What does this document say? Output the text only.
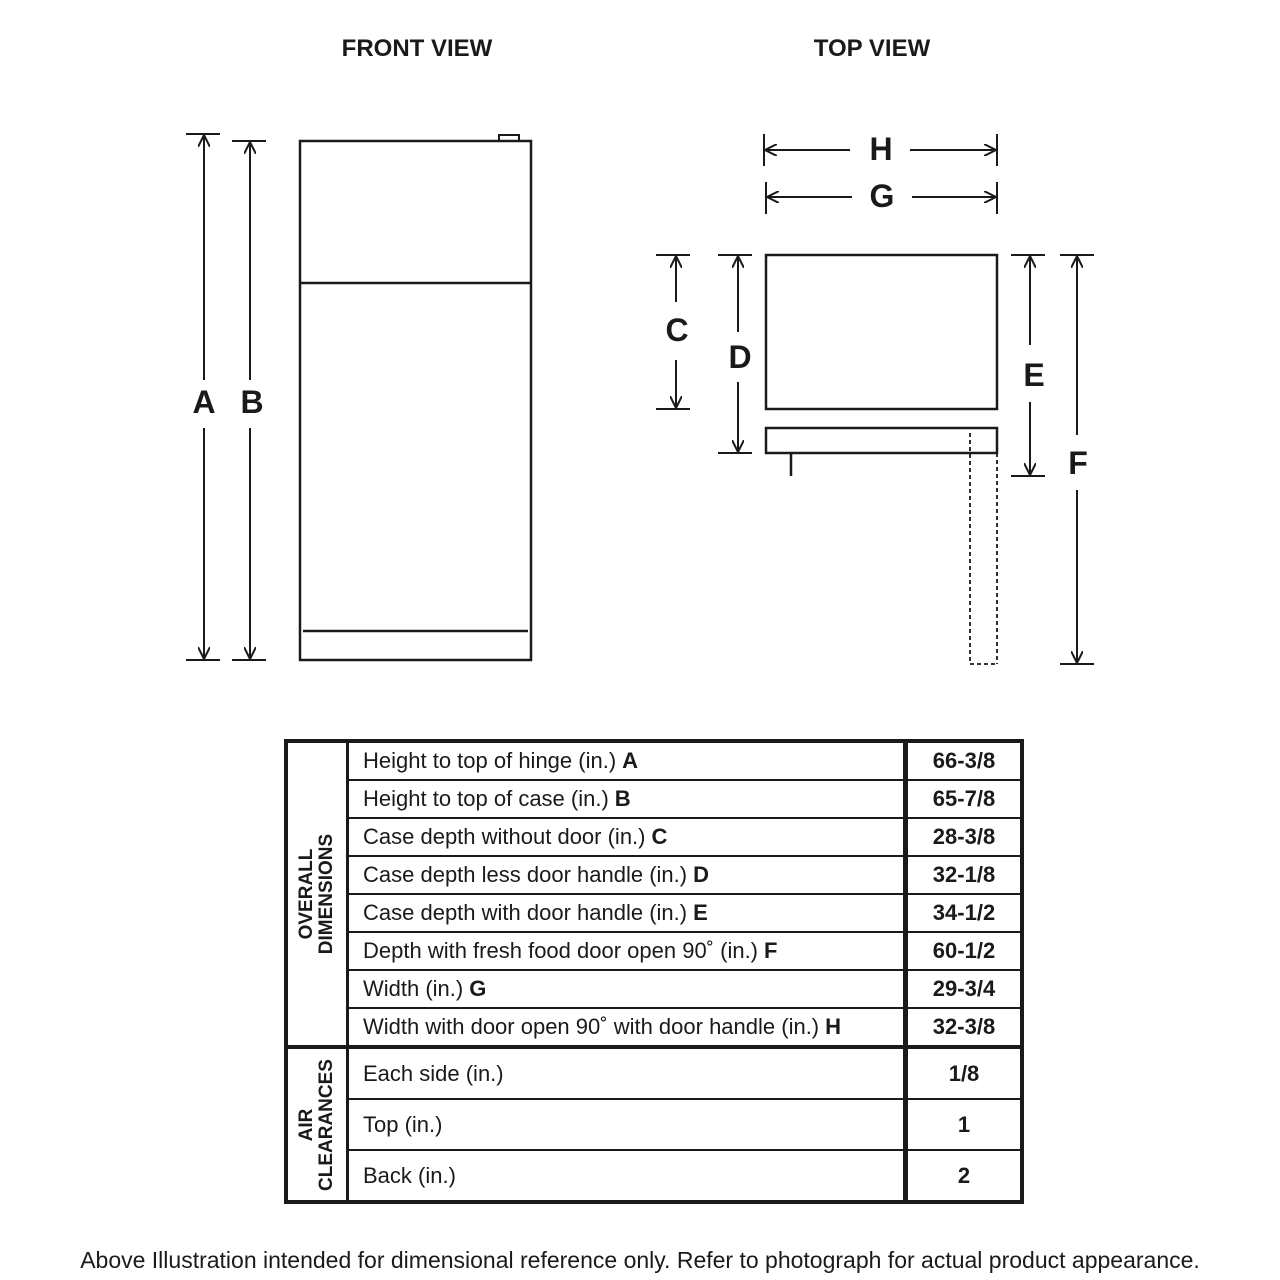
FRONT VIEW	TOP VIEW
A B
H
G
C
D	E
F
OVERALL DIMENSIONS	Height to top of hinge (in.) A	66-3/8
	Height to top of case (in.) B	65-7/8
	Case depth without door (in.) C	28-3/8
	Case depth less door handle (in.) D	32-1/8
	Case depth with door handle (in.) E	34-1/2
	Depth with fresh food door open 90˚ (in.) F	60-1/2
	Width (in.) G	29-3/4
	Width with door open 90˚ with door handle (in.) H	32-3/8

AIR CLEARANCES	Each side (in.)	1/8
	Top (in.)	1
	Back (in.)	2
Above Illustration intended for dimensional reference only. Refer to photograph for actual product appearance.
